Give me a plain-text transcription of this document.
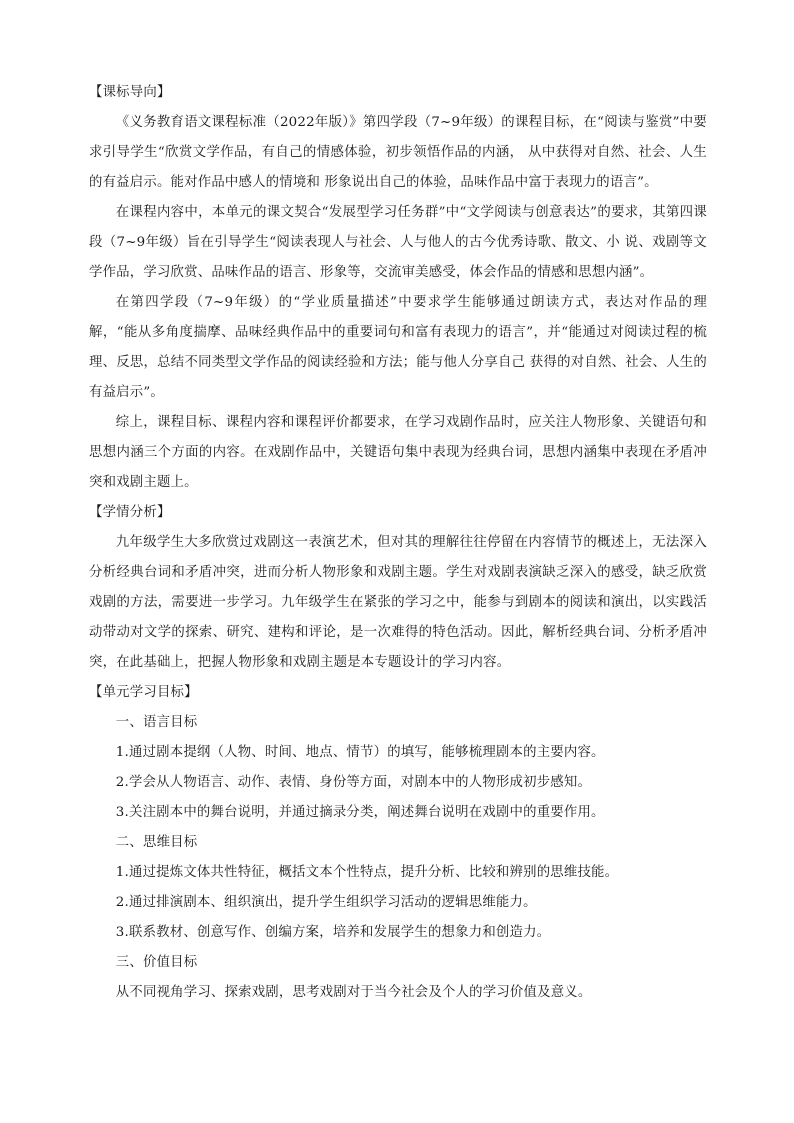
【课标导向】

《义务教育语文课程标准（2022年版）》第四学段（7~9年级）的课程目标，在“阅读与鉴赏”中要求引导学生“欣赏文学作品，有自己的情感体验，初步领悟作品的内涵， 从中获得对自然、社会、人生的有益启示。能对作品中感人的情境和 形象说出自己的体验，品味作品中富于表现力的语言”。

在课程内容中，本单元的课文契合“发展型学习任务群”中“文学阅读与创意表达”的要求，其第四课段（7~9年级）旨在引导学生“阅读表现人与社会、人与他人的古今优秀诗歌、散文、小 说、戏剧等文学作品，学习欣赏、品味作品的语言、形象等，交流审美感受，体会作品的情感和思想内涵”。

在第四学段（7~9年级）的“学业质量描述”中要求学生能够通过朗读方式，表达对作品的理解，“能从多角度揣摩、品味经典作品中的重要词句和富有表现力的语言”，并“能通过对阅读过程的梳理、反思，总结不同类型文学作品的阅读经验和方法；能与他人分享自己 获得的对自然、社会、人生的有益启示”。

综上，课程目标、课程内容和课程评价都要求，在学习戏剧作品时，应关注人物形象、关键语句和思想内涵三个方面的内容。在戏剧作品中，关键语句集中表现为经典台词，思想内涵集中表现在矛盾冲突和戏剧主题上。

【学情分析】

九年级学生大多欣赏过戏剧这一表演艺术，但对其的理解往往停留在内容情节的概述上，无法深入分析经典台词和矛盾冲突，进而分析人物形象和戏剧主题。学生对戏剧表演缺乏深入的感受，缺乏欣赏戏剧的方法，需要进一步学习。九年级学生在紧张的学习之中，能参与到剧本的阅读和演出，以实践活动带动对文学的探索、研究、建构和评论，是一次难得的特色活动。因此，解析经典台词、分析矛盾冲突，在此基础上，把握人物形象和戏剧主题是本专题设计的学习内容。

【单元学习目标】

一、语言目标

1.通过剧本提纲（人物、时间、地点、情节）的填写，能够梳理剧本的主要内容。

2.学会从人物语言、动作、表情、身份等方面，对剧本中的人物形成初步感知。

3.关注剧本中的舞台说明，并通过摘录分类，阐述舞台说明在戏剧中的重要作用。

二、思维目标

1.通过提炼文体共性特征，概括文本个性特点，提升分析、比较和辨别的思维技能。

2.通过排演剧本、组织演出，提升学生组织学习活动的逻辑思维能力。

3.联系教材、创意写作、创编方案，培养和发展学生的想象力和创造力。

三、价值目标

从不同视角学习、探索戏剧，思考戏剧对于当今社会及个人的学习价值及意义。
